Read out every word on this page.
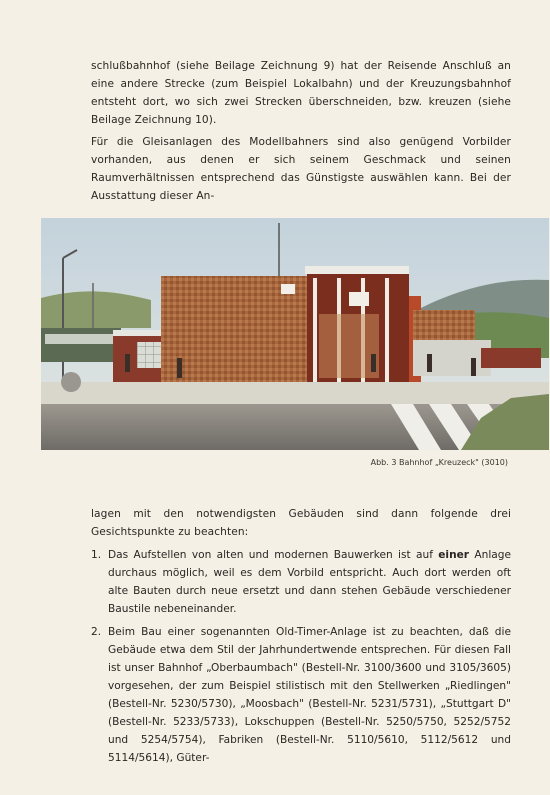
schlußbahnhof (siehe Beilage Zeichnung 9) hat der Reisende Anschluß an eine andere Strecke (zum Beispiel Lokalbahn) und der Kreuzungsbahnhof entsteht dort, wo sich zwei Strecken überschneiden, bzw. kreuzen (siehe Beilage Zeichnung 10).

Für die Gleisanlagen des Modellbahners sind also genügend Vorbilder vorhanden, aus denen er sich seinem Geschmack und seinen Raumverhältnissen entsprechend das Günstigste auswählen kann. Bei der Ausstattung dieser An-

Abb. 3 Bahnhof „Kreuzeck" (3010)

lagen mit den notwendigsten Gebäuden sind dann folgende drei Gesichtspunkte zu beachten:

1. Das Aufstellen von alten und modernen Bauwerken ist auf einer Anlage durchaus möglich, weil es dem Vorbild entspricht. Auch dort werden oft alte Bauten durch neue ersetzt und dann stehen Gebäude verschiedener Baustile nebeneinander.
2. Beim Bau einer sogenannten Old-Timer-Anlage ist zu beachten, daß die Gebäude etwa dem Stil der Jahrhundertwende entsprechen. Für diesen Fall ist unser Bahnhof „Oberbaumbach" (Bestell-Nr. 3100/3600 und 3105/3605) vorgesehen, der zum Beispiel stilistisch mit den Stellwerken „Riedlingen" (Bestell-Nr. 5230/5730), „Moosbach" (Bestell-Nr. 5231/5731), „Stuttgart D" (Bestell-Nr. 5233/5733), Lokschuppen (Bestell-Nr. 5250/5750, 5252/5752 und 5254/5754), Fabriken (Bestell-Nr. 5110/5610, 5112/5612 und 5114/5614), Güter-
